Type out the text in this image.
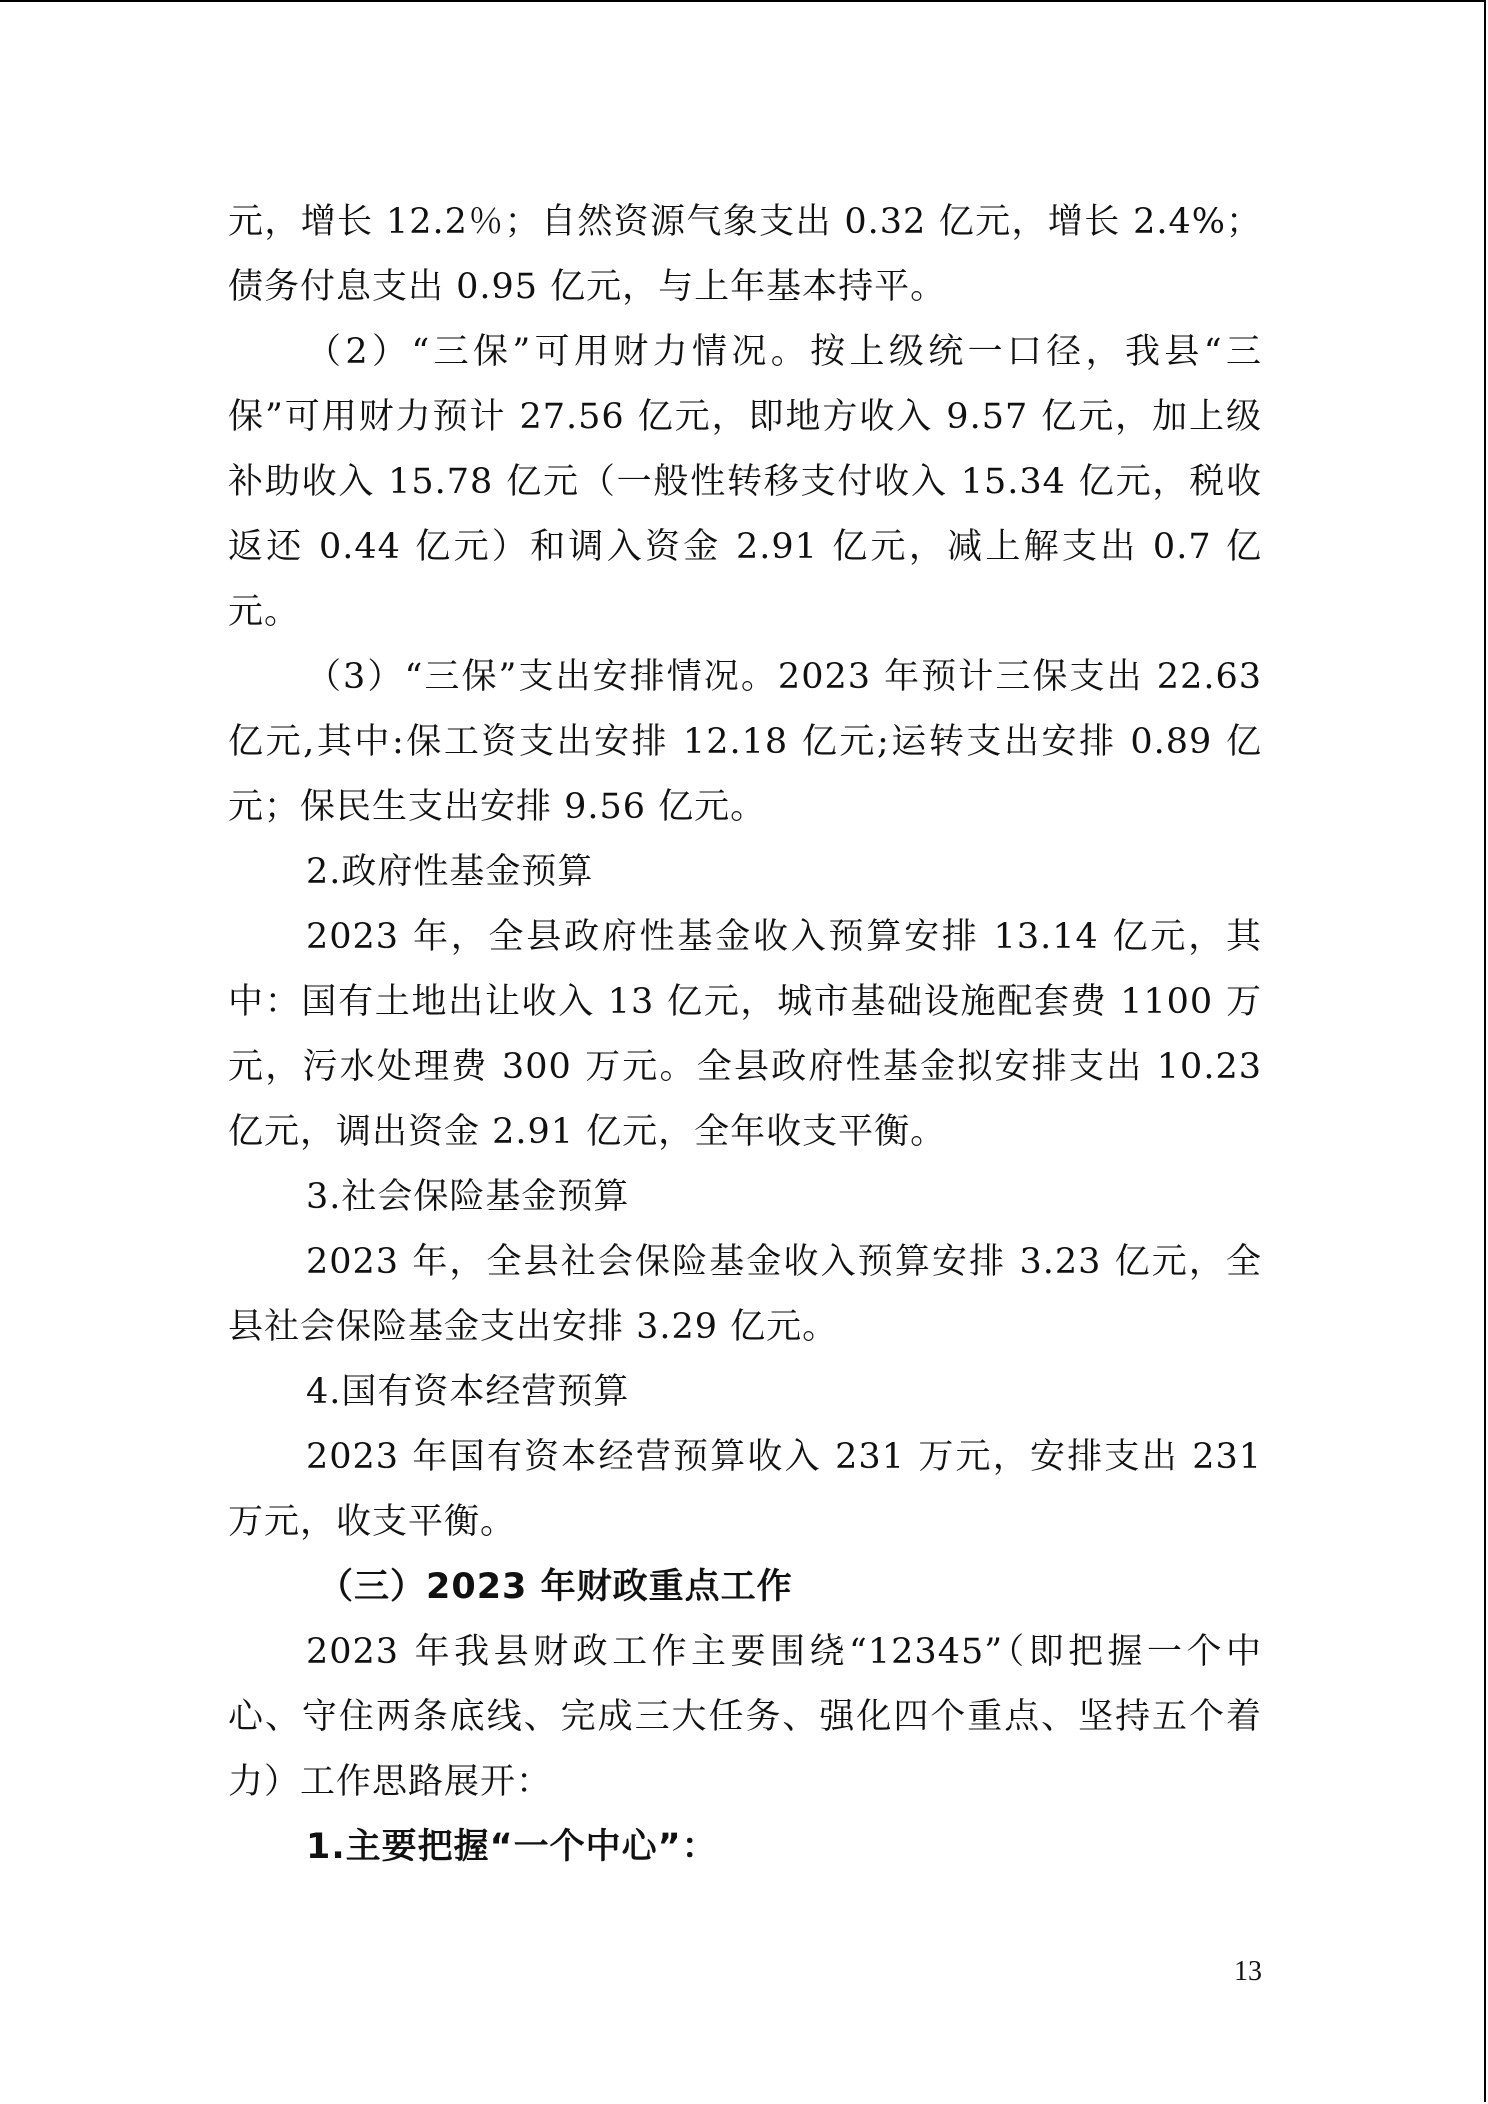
元，增长 12.2％；自然资源气象支出 0.32 亿元，增长 2.4%；债务付息支出 0.95 亿元，与上年基本持平。

（2）“三保”可用财力情况。按上级统一口径，我县“三保”可用财力预计 27.56 亿元，即地方收入 9.57 亿元，加上级补助收入 15.78 亿元（一般性转移支付收入 15.34 亿元，税收返还 0.44 亿元）和调入资金 2.91 亿元，减上解支出 0.7 亿元。

（3）“三保”支出安排情况。2023 年预计三保支出 22.63 亿元,其中:保工资支出安排 12.18 亿元;运转支出安排 0.89 亿元；保民生支出安排 9.56 亿元。

2.政府性基金预算

2023 年，全县政府性基金收入预算安排 13.14 亿元，其中：国有土地出让收入 13 亿元，城市基础设施配套费 1100 万元，污水处理费 300 万元。全县政府性基金拟安排支出 10.23 亿元，调出资金 2.91 亿元，全年收支平衡。

3.社会保险基金预算

2023 年，全县社会保险基金收入预算安排 3.23 亿元，全县社会保险基金支出安排 3.29 亿元。

4.国有资本经营预算

2023 年国有资本经营预算收入 231 万元，安排支出 231 万元，收支平衡。

（三）2023 年财政重点工作

2023 年我县财政工作主要围绕“12345”（即把握一个中心、守住两条底线、完成三大任务、强化四个重点、坚持五个着力）工作思路展开：

1.主要把握“一个中心”：

13
